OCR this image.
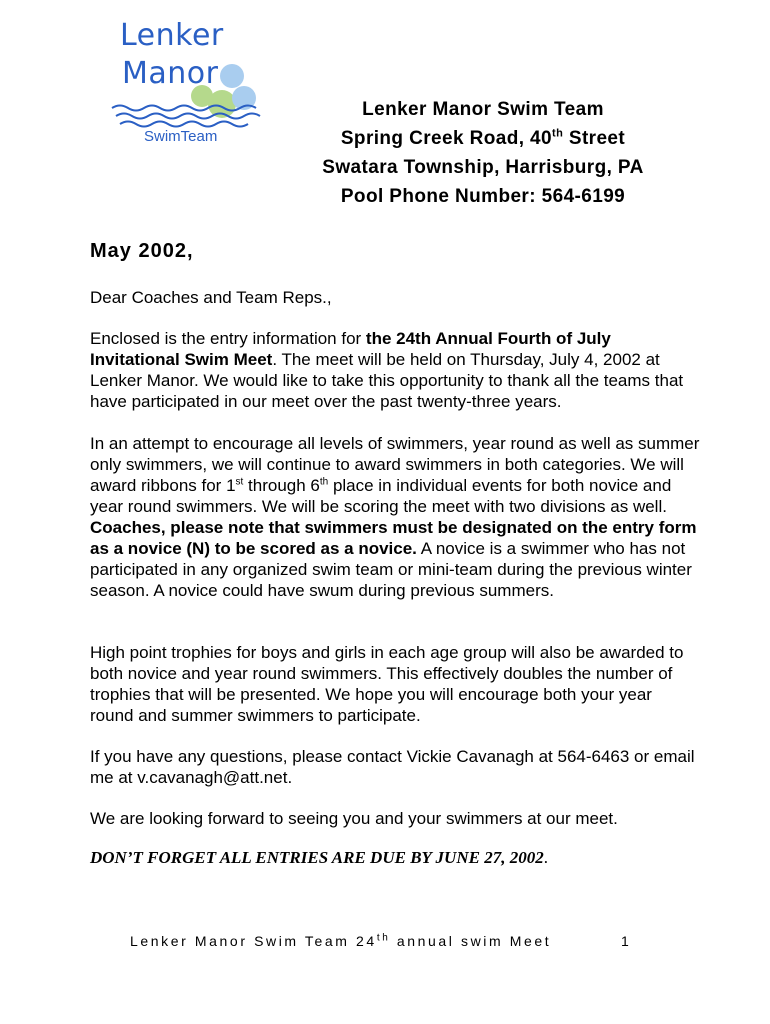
Lenker
Manor
SwimTeam
Lenker Manor Swim Team
Spring Creek Road, 40th Street
Swatara Township, Harrisburg, PA
Pool Phone Number: 564-6199
May 2002,
Dear Coaches and Team Reps.,
Enclosed is the entry information for the 24th Annual Fourth of July Invitational Swim Meet. The meet will be held on Thursday, July 4, 2002 at Lenker Manor. We would like to take this opportunity to thank all the teams that have participated in our meet over the past twenty-three years.
In an attempt to encourage all levels of swimmers, year round as well as summer only swimmers, we will continue to award swimmers in both categories. We will award ribbons for 1st through 6th place in individual events for both novice and year round swimmers. We will be scoring the meet with two divisions as well. Coaches, please note that swimmers must be designated on the entry form as a novice (N) to be scored as a novice. A novice is a swimmer who has not participated in any organized swim team or mini-team during the previous winter season. A novice could have swum during previous summers.
High point trophies for boys and girls in each age group will also be awarded to both novice and year round swimmers. This effectively doubles the number of trophies that will be presented. We hope you will encourage both your year round and summer swimmers to participate.
If you have any questions, please contact Vickie Cavanagh at 564-6463 or email me at v.cavanagh@att.net.
We are looking forward to seeing you and your swimmers at our meet.
DON’T FORGET ALL ENTRIES ARE DUE BY JUNE 27, 2002.
Lenker Manor Swim Team 24th annual swim Meet	1
